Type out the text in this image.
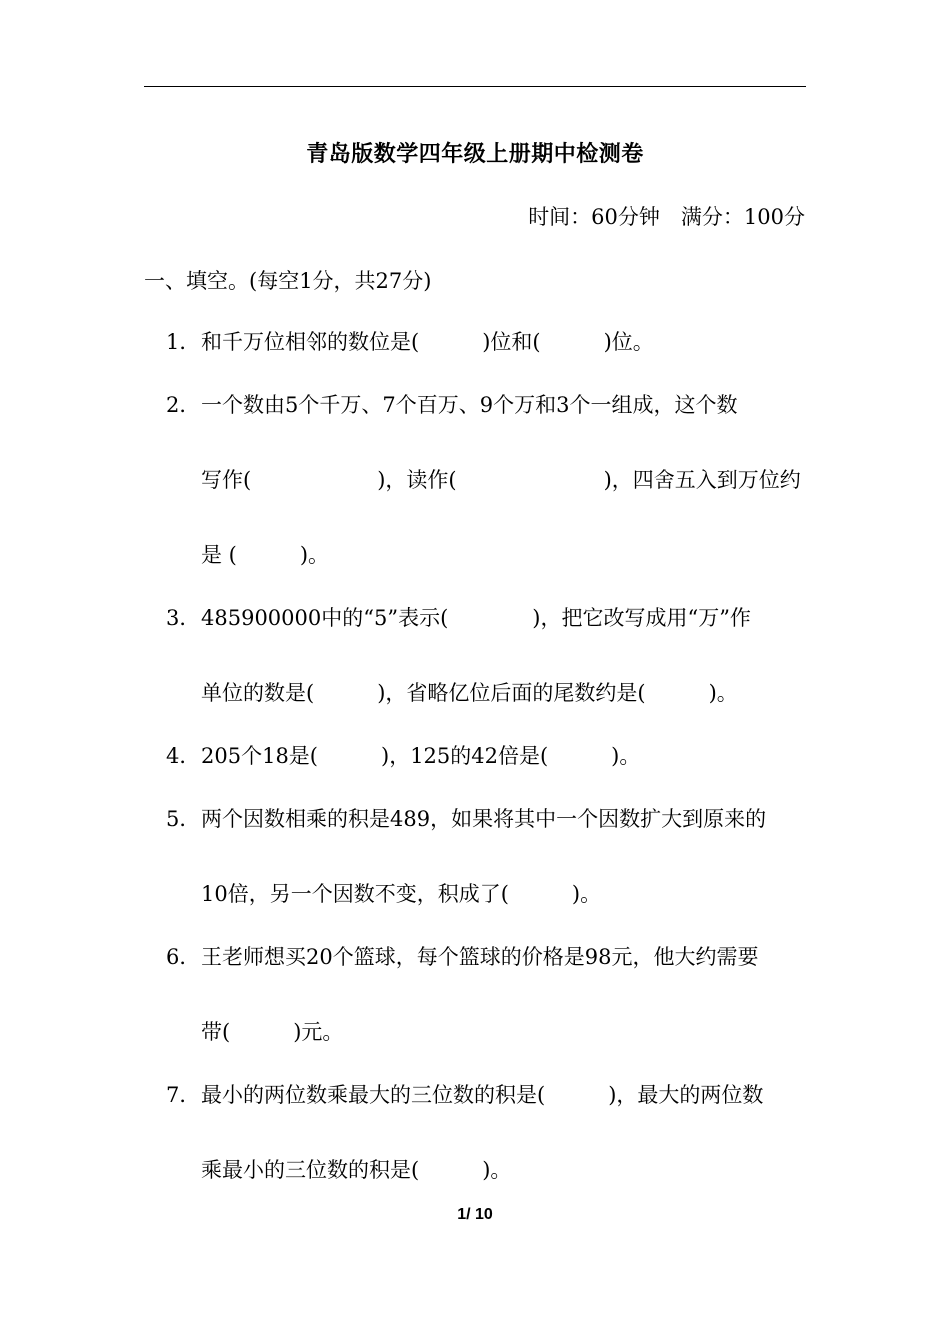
青岛版数学四年级上册期中检测卷
时间：60分钟　满分：100分
一、填空。(每空1分，共27分)
1． 和千万位相邻的数位是(　　　)位和(　　　)位。
2． 一个数由5个千万、7个百万、9个万和3个一组成，这个数
写作(　　　　　　)，读作(　　　　　　　)，四舍五入到万位约
是 (　　　)。
3． 485900000中的“5”表示(　　　　)，把它改写成用“万”作
单位的数是(　　　)，省略亿位后面的尾数约是(　　　)。
4． 205个18是(　　　)，125的42倍是(　　　)。
5． 两个因数相乘的积是489，如果将其中一个因数扩大到原来的
10倍，另一个因数不变，积成了(　　　)。
6． 王老师想买20个篮球，每个篮球的价格是98元，他大约需要
带(　　　)元。
7． 最小的两位数乘最大的三位数的积是(　　　)，最大的两位数
乘最小的三位数的积是(　　　)。
1/ 10
